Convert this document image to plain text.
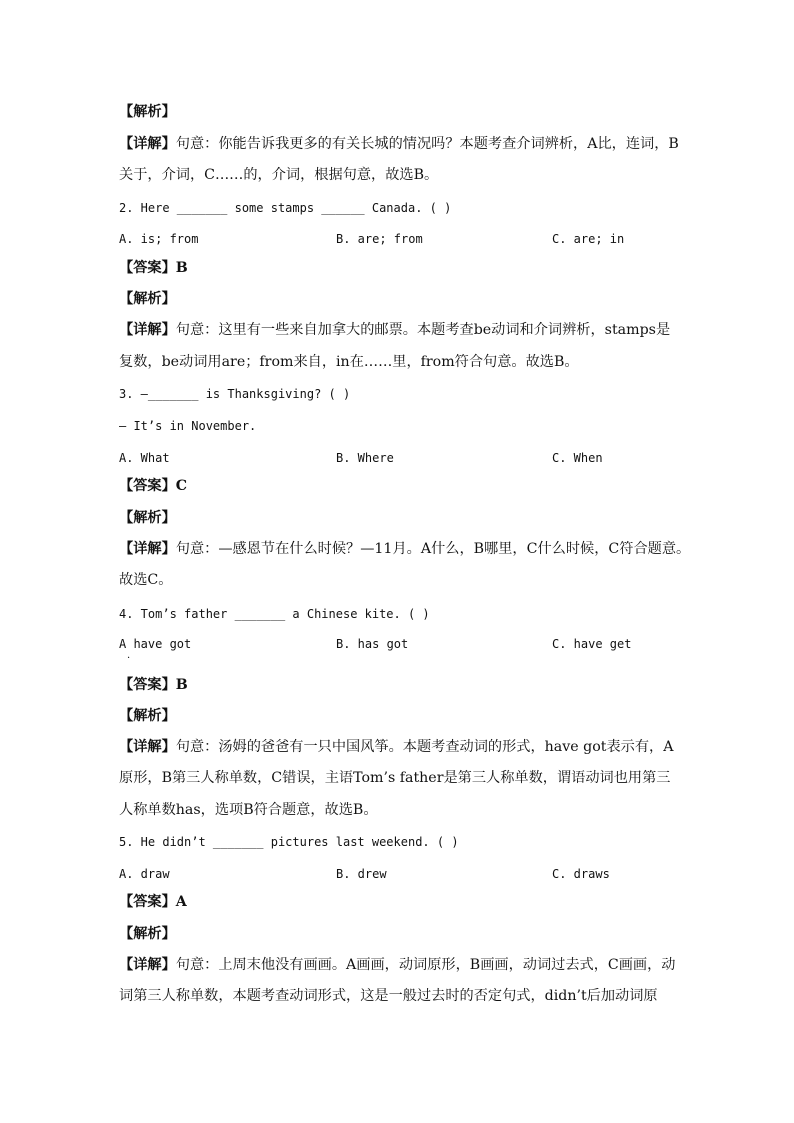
【解析】
【详解】句意：你能告诉我更多的有关长城的情况吗？本题考查介词辨析，A比，连词，B
关于，介词，C……的，介词，根据句意，故选B。
2. Here _______ some stamps ______ Canada. ( )
A. is; from	B. are; from	C. are; in
【答案】B
【解析】
【详解】句意：这里有一些来自加拿大的邮票。本题考查be动词和介词辨析，stamps是
复数，be动词用are；from来自，in在……里，from符合句意。故选B。
3. —_______ is Thanksgiving? ( )
— It’s in November.
A. What	B. Where	C. When
【答案】C
【解析】
【详解】句意：—感恩节在什么时候？—11月。A什么，B哪里，C什么时候，C符合题意。
故选C。
4. Tom’s father _______ a Chinese kite. ( )
A have got	B. has got	C. have get
·
【答案】B
【解析】
【详解】句意：汤姆的爸爸有一只中国风筝。本题考查动词的形式，have got表示有，A
原形，B第三人称单数，C错误，主语Tom’s father是第三人称单数，谓语动词也用第三
人称单数has，选项B符合题意，故选B。
5. He didn’t _______ pictures last weekend. ( )
A. draw	B. drew	C. draws
【答案】A
【解析】
【详解】句意：上周末他没有画画。A画画，动词原形，B画画，动词过去式，C画画，动
词第三人称单数，本题考查动词形式，这是一般过去时的否定句式，didn’t后加动词原
